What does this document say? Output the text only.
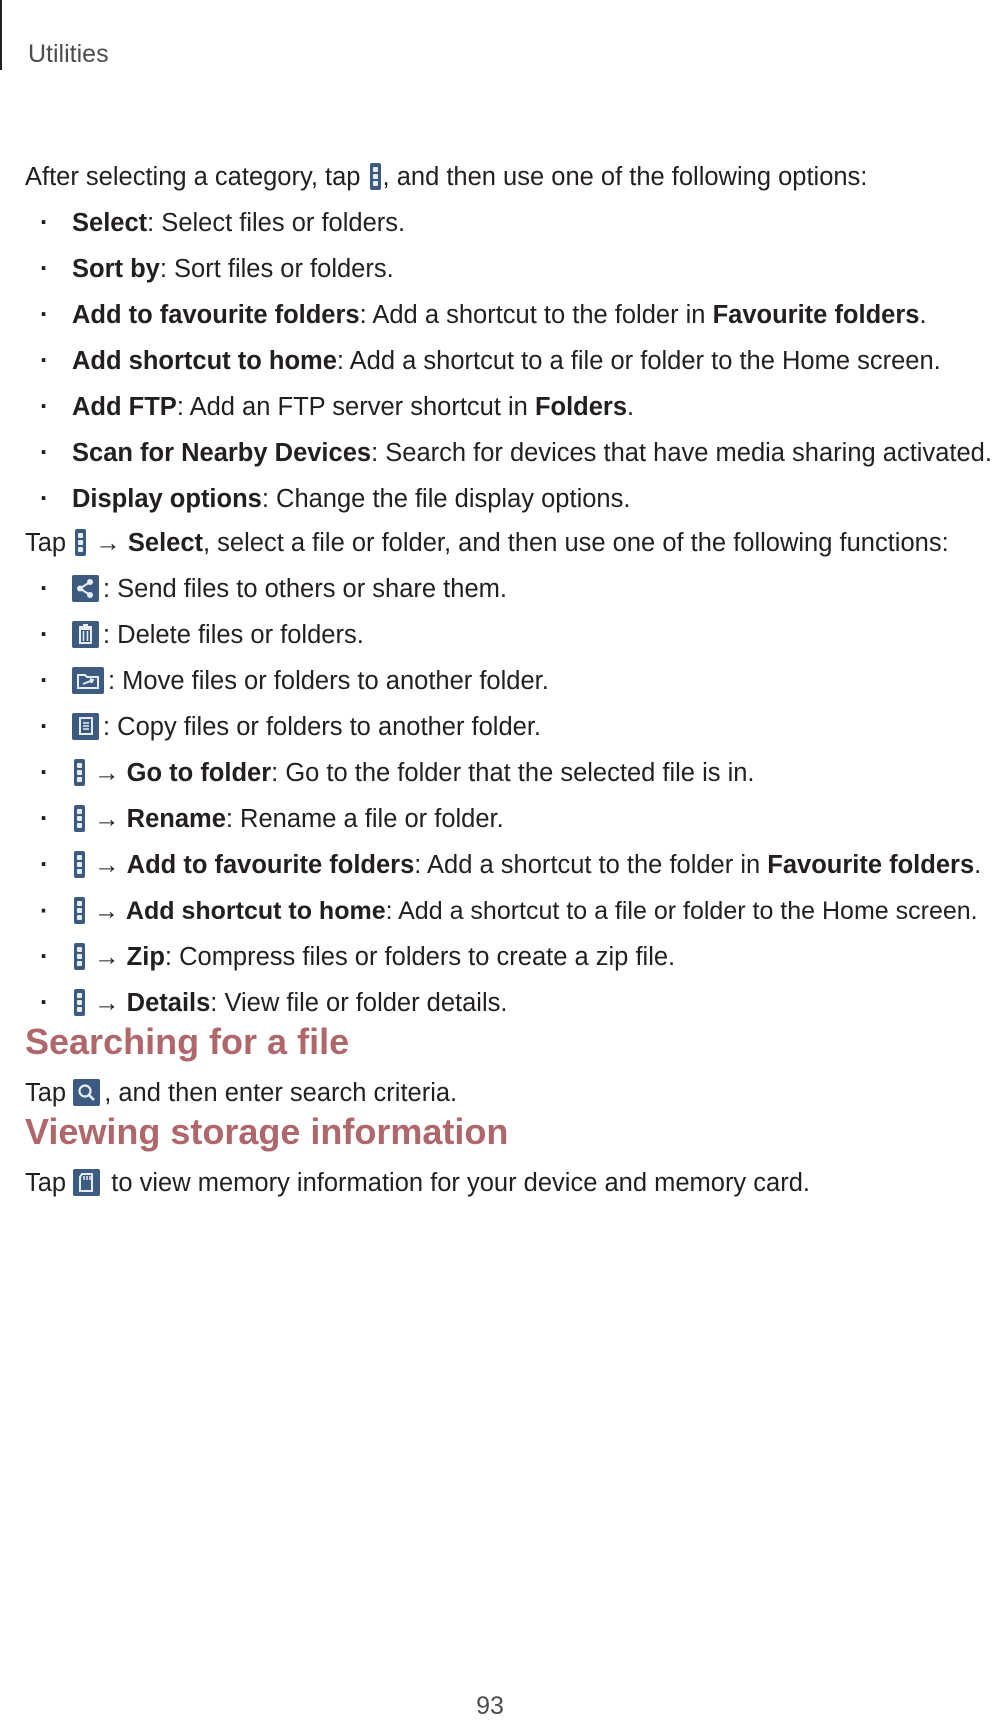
Utilities
After selecting a category, tap
, and then use one of the following options:
· Select: Select files or folders.
· Sort by: Sort files or folders.
· Add to favourite folders: Add a shortcut to the folder in Favourite folders.
· Add shortcut to home: Add a shortcut to a file or folder to the Home screen.
· Add FTP: Add an FTP server shortcut in Folders.
· Scan for Nearby Devices: Search for devices that have media sharing activated.
· Display options: Change the file display options.
Tap
→ Select, select a file or folder, and then use one of the following functions:
· : Send files to others or share them.
· : Delete files or folders.
· : Move files or folders to another folder.
· : Copy files or folders to another folder.
· → Go to folder: Go to the folder that the selected file is in.
· → Rename: Rename a file or folder.
· → Add to favourite folders: Add a shortcut to the folder in Favourite folders.
· → Add shortcut to home: Add a shortcut to a file or folder to the Home screen.
· → Zip: Compress files or folders to create a zip file.
· → Details: View file or folder details.
Searching for a file
Tap
, and then enter search criteria.
Viewing storage information
Tap
to view memory information for your device and memory card.
93
